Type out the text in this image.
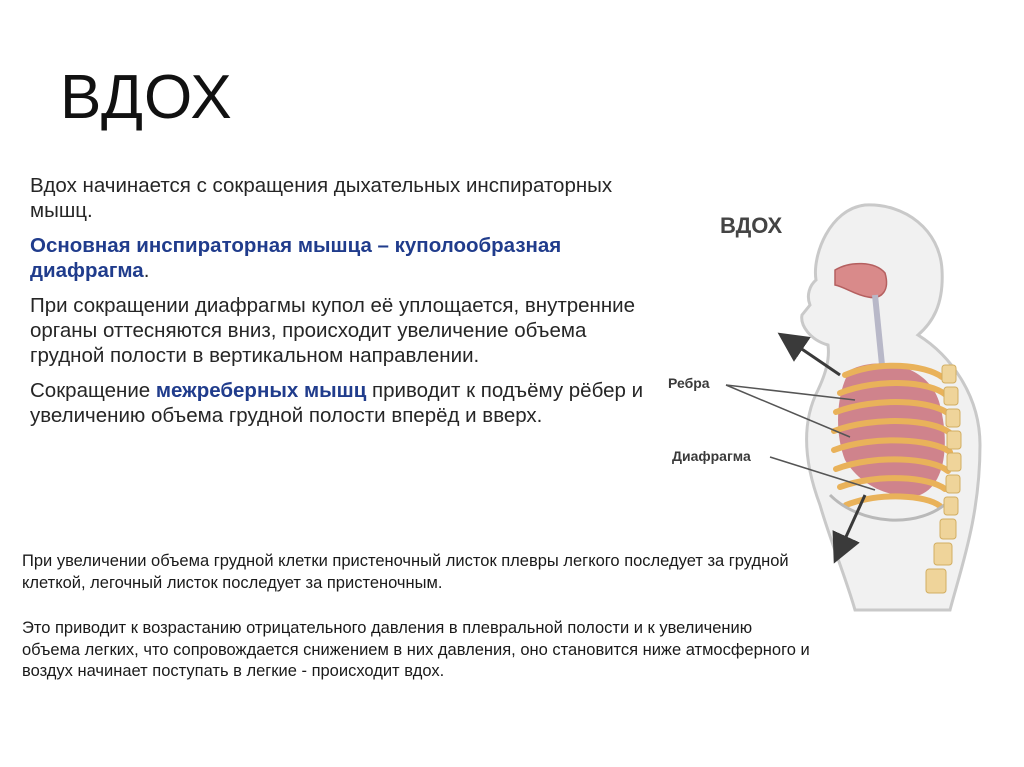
ВДОХ

Вдох начинается с сокращения дыхательных инспираторных мышц.

Основная инспираторная мышца – куполообразная диафрагма.

При сокращении диафрагмы купол её уплощается, внутренние органы оттесняются вниз, происходит увеличение объема грудной полости в вертикальном направлении.

Сокращение межреберных мышц приводит к подъёму рёбер и увеличению объема грудной полости вперёд и вверх.

При увеличении объема грудной клетки пристеночный листок плевры легкого последует за грудной клеткой, легочный листок последует за пристеночным.

Это приводит к возрастанию отрицательного давления в плевральной полости и к увеличению объема легких, что сопровождается снижением в них давления, оно становится ниже атмосферного и воздух начинает поступать в легкие - происходит вдох.

ВДОХ
Ребра
Диафрагма
